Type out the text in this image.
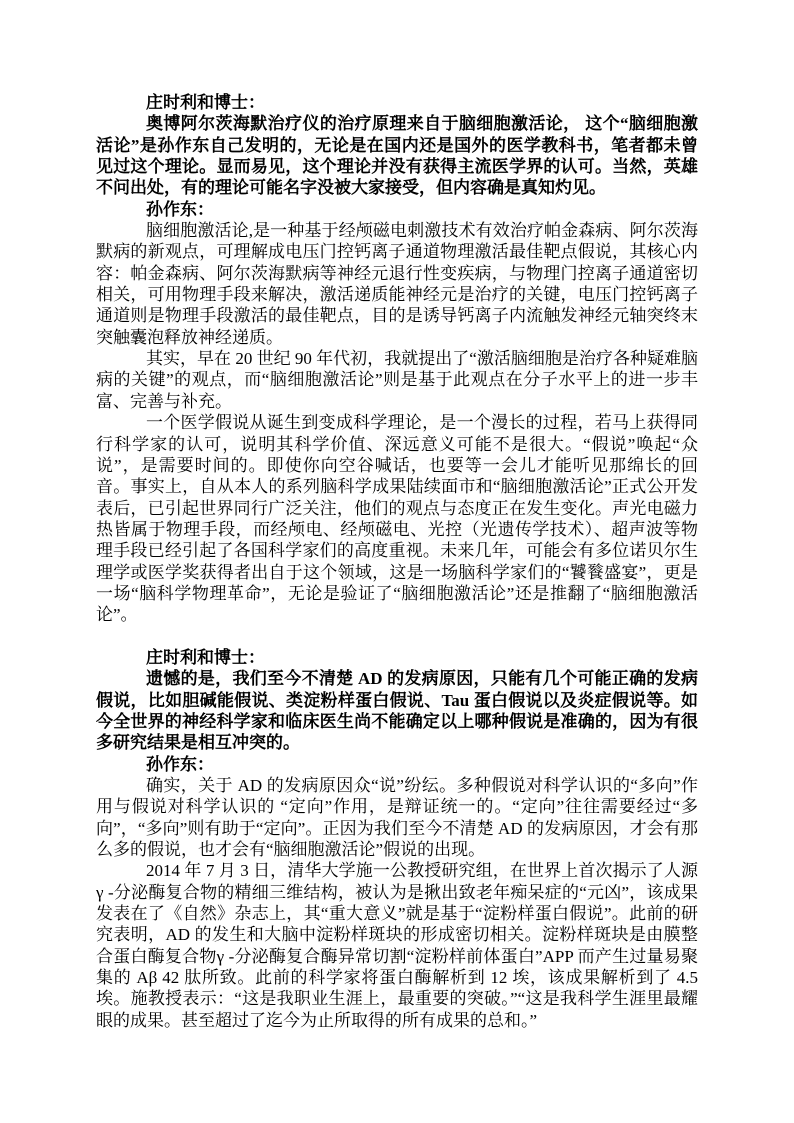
庄时利和博士：

奥博阿尔茨海默治疗仪的治疗原理来自于脑细胞激活论， 这个“脑细胞激活论”是孙作东自己发明的，无论是在国内还是国外的医学教科书，笔者都未曾见过这个理论。显而易见，这个理论并没有获得主流医学界的认可。当然，英雄不问出处，有的理论可能名字没被大家接受，但内容确是真知灼见。

孙作东：

脑细胞激活论,是一种基于经颅磁电刺激技术有效治疗帕金森病、阿尔茨海默病的新观点，可理解成电压门控钙离子通道物理激活最佳靶点假说，其核心内容：帕金森病、阿尔茨海默病等神经元退行性变疾病，与物理门控离子通道密切相关，可用物理手段来解决，激活递质能神经元是治疗的关键，电压门控钙离子通道则是物理手段激活的最佳靶点，目的是诱导钙离子内流触发神经元轴突终末突触囊泡释放神经递质。

其实，早在 20 世纪 90 年代初，我就提出了“激活脑细胞是治疗各种疑难脑病的关键”的观点，而“脑细胞激活论”则是基于此观点在分子水平上的进一步丰富、完善与补充。

一个医学假说从诞生到变成科学理论，是一个漫长的过程，若马上获得同行科学家的认可，说明其科学价值、深远意义可能不是很大。“假说”唤起“众说”，是需要时间的。即使你向空谷喊话，也要等一会儿才能听见那绵长的回音。事实上，自从本人的系列脑科学成果陆续面市和“脑细胞激活论”正式公开发表后，已引起世界同行广泛关注，他们的观点与态度正在发生变化。声光电磁力热皆属于物理手段，而经颅电、经颅磁电、光控（光遗传学技术）、超声波等物理手段已经引起了各国科学家们的高度重视。未来几年，可能会有多位诺贝尔生理学或医学奖获得者出自于这个领域，这是一场脑科学家们的“饕餮盛宴”，更是一场“脑科学物理革命”，无论是验证了“脑细胞激活论”还是推翻了“脑细胞激活论”。

庄时利和博士：

遗憾的是，我们至今不清楚 AD 的发病原因，只能有几个可能正确的发病假说，比如胆碱能假说、类淀粉样蛋白假说、Tau 蛋白假说以及炎症假说等。如今全世界的神经科学家和临床医生尚不能确定以上哪种假说是准确的，因为有很多研究结果是相互冲突的。

孙作东：

确实，关于 AD 的发病原因众“说”纷纭。多种假说对科学认识的“多向”作用与假说对科学认识的 “定向”作用，是辩证统一的。“定向”往往需要经过“多向”，“多向”则有助于“定向”。正因为我们至今不清楚 AD 的发病原因，才会有那么多的假说，也才会有“脑细胞激活论”假说的出现。

2014 年 7 月 3 日，清华大学施一公教授研究组，在世界上首次揭示了人源γ -分泌酶复合物的精细三维结构，被认为是揪出致老年痴呆症的“元凶”，该成果发表在了《自然》杂志上，其“重大意义”就是基于“淀粉样蛋白假说”。此前的研究表明，AD 的发生和大脑中淀粉样斑块的形成密切相关。淀粉样斑块是由膜整合蛋白酶复合物γ -分泌酶复合酶异常切割“淀粉样前体蛋白”APP 而产生过量易聚集的 Aβ 42 肽所致。此前的科学家将蛋白酶解析到 12 埃，该成果解析到了 4.5 埃。施教授表示：“这是我职业生涯上，最重要的突破。”“这是我科学生涯里最耀眼的成果。甚至超过了迄今为止所取得的所有成果的总和。”
